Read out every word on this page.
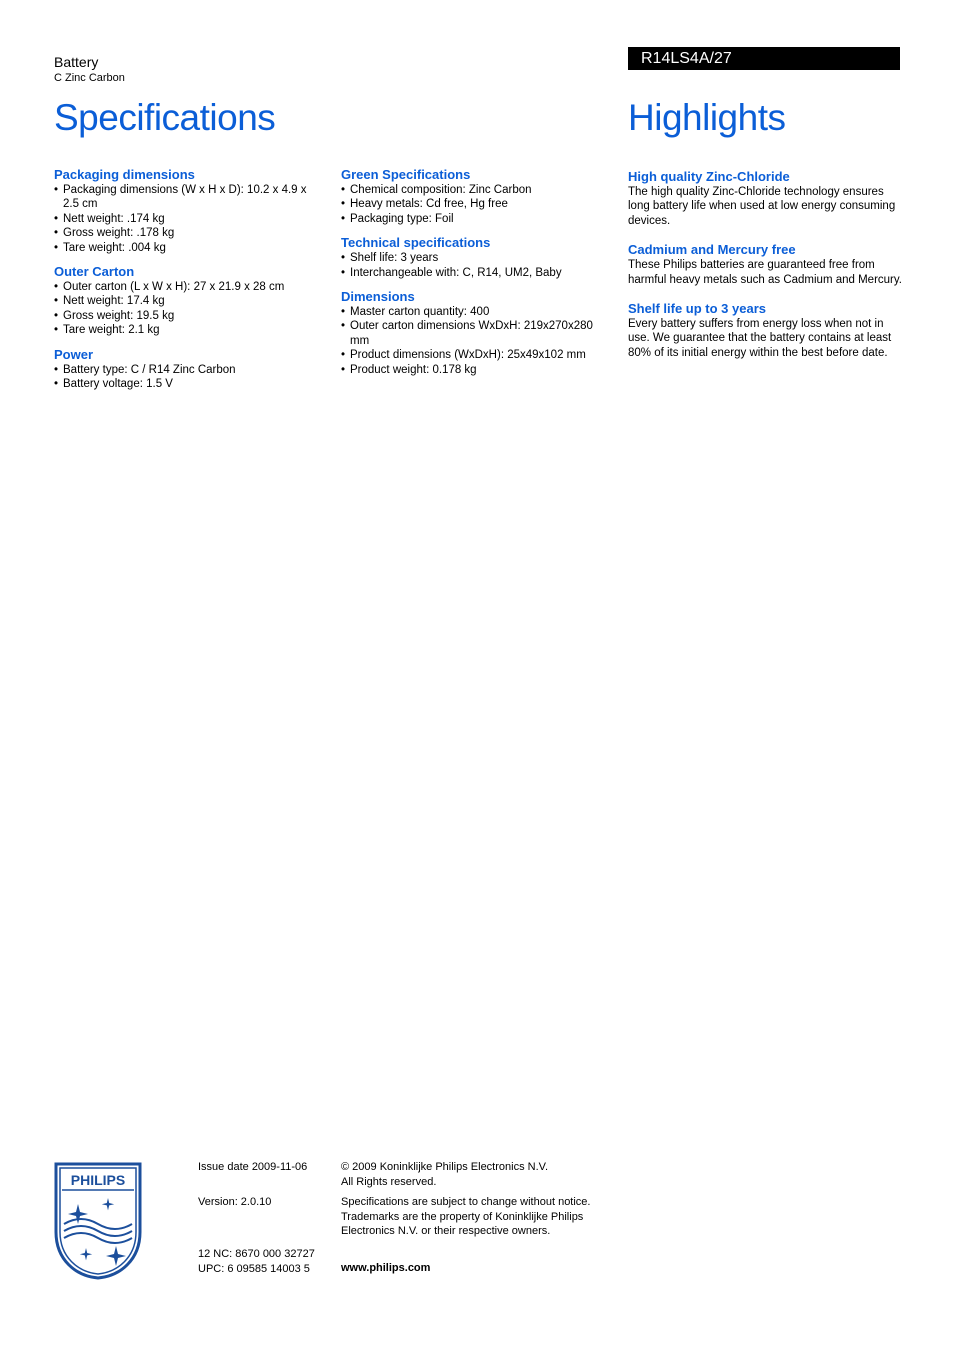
Battery
C Zinc Carbon
Specifications
R14LS4A/27
Highlights
Packaging dimensions
• Packaging dimensions (W x H x D): 10.2 x 4.9 x 2.5 cm
• Nett weight: .174 kg
• Gross weight: .178 kg
• Tare weight: .004 kg
Outer Carton
• Outer carton (L x W x H): 27 x 21.9 x 28 cm
• Nett weight: 17.4 kg
• Gross weight: 19.5 kg
• Tare weight: 2.1 kg
Power
• Battery type: C / R14 Zinc Carbon
• Battery voltage: 1.5 V
Green Specifications
• Chemical composition: Zinc Carbon
• Heavy metals: Cd free, Hg free
• Packaging type: Foil
Technical specifications
• Shelf life: 3 years
• Interchangeable with: C, R14, UM2, Baby
Dimensions
• Master carton quantity: 400
• Outer carton dimensions WxDxH: 219x270x280 mm
• Product dimensions (WxDxH): 25x49x102 mm
• Product weight: 0.178 kg
High quality Zinc-Chloride

The high quality Zinc-Chloride technology ensures long battery life when used at low energy consuming devices.

Cadmium and Mercury free

These Philips batteries are guaranteed free from harmful heavy metals such as Cadmium and Mercury.

Shelf life up to 3 years

Every battery suffers from energy loss when not in use. We guarantee that the battery contains at least 80% of its initial energy within the best before date.

PHILIPS
Issue date 2009-11-06
Version: 2.0.10
12 NC: 8670 000 32727
UPC: 6 09585 14003 5
© 2009 Koninklijke Philips Electronics N.V.
All Rights reserved.
Specifications are subject to change without notice.
Trademarks are the property of Koninklijke Philips
Electronics N.V. or their respective owners.
www.philips.com
